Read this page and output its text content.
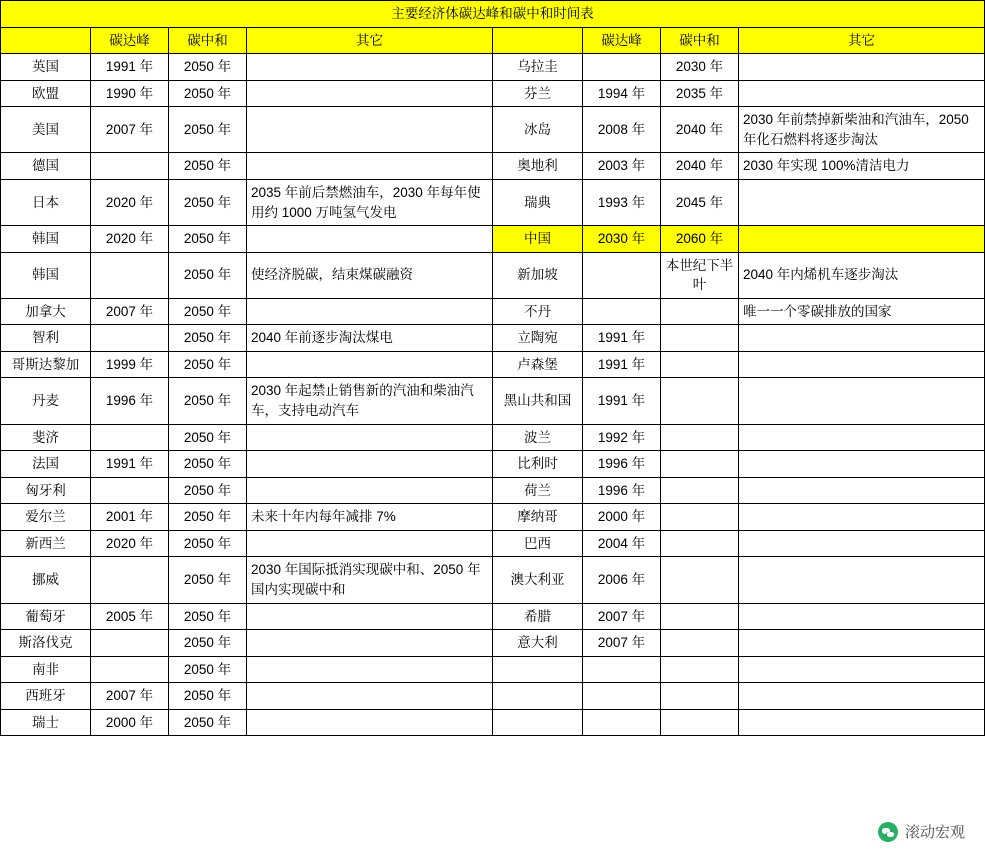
主要经济体碳达峰和碳中和时间表							
	碳达峰	碳中和	其它		碳达峰	碳中和	其它
英国	1991 年	2050 年		乌拉圭		2030 年	
欧盟	1990 年	2050 年		芬兰	1994 年	2035 年	
美国	2007 年	2050 年		冰岛	2008 年	2040 年	2030 年前禁掉新柴油和汽油车，2050 年化石燃料将逐步淘汰
德国		2050 年		奥地利	2003 年	2040 年	2030 年实现 100%清洁电力
日本	2020 年	2050 年	2035 年前后禁燃油车，2030 年每年使用约 1000 万吨氢气发电	瑞典	1993 年	2045 年	
韩国	2020 年	2050 年		中国	2030 年	2060 年	
韩国		2050 年	使经济脱碳，结束煤碳融资	新加坡		本世纪下半叶	2040 年内烯机车逐步淘汰
加拿大	2007 年	2050 年		不丹			唯一一个零碳排放的国家
智利		2050 年	2040 年前逐步淘汰煤电	立陶宛	1991 年		
哥斯达黎加	1999 年	2050 年		卢森堡	1991 年		
丹麦	1996 年	2050 年	2030 年起禁止销售新的汽油和柴油汽车，支持电动汽车	黑山共和国	1991 年		
斐济		2050 年		波兰	1992 年		
法国	1991 年	2050 年		比利时	1996 年		
匈牙利		2050 年		荷兰	1996 年		
爱尔兰	2001 年	2050 年	未来十年内每年减排 7%	摩纳哥	2000 年		
新西兰	2020 年	2050 年		巴西	2004 年		
挪威		2050 年	2030 年国际抵消实现碳中和、2050 年国内实现碳中和	澳大利亚	2006 年		
葡萄牙	2005 年	2050 年		希腊	2007 年		
斯洛伐克		2050 年		意大利	2007 年		
南非		2050 年					
西班牙	2007 年	2050 年					
瑞士	2000 年	2050 年					
滚动宏观
